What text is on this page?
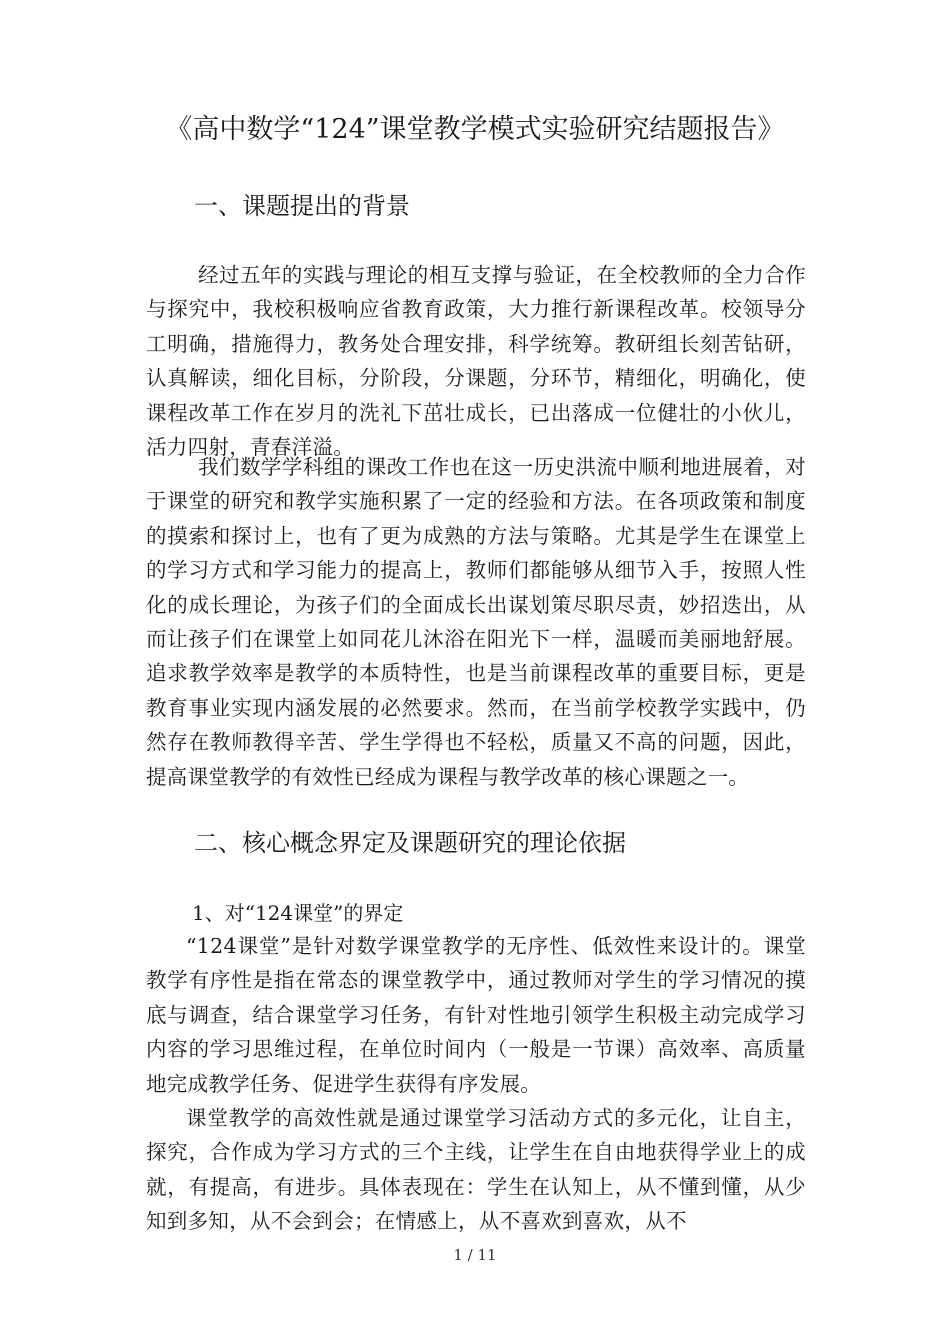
《高中数学“124”课堂教学模式实验研究结题报告》
一、课题提出的背景

经过五年的实践与理论的相互支撑与验证，在全校教师的全力合作与探究中，我校积极响应省教育政策，大力推行新课程改革。校领导分工明确，措施得力，教务处合理安排，科学统筹。教研组长刻苦钻研，认真解读，细化目标，分阶段，分课题，分环节，精细化，明确化，使课程改革工作在岁月的洗礼下茁壮成长，已出落成一位健壮的小伙儿，活力四射，青春洋溢。

我们数学学科组的课改工作也在这一历史洪流中顺利地进展着，对于课堂的研究和教学实施积累了一定的经验和方法。在各项政策和制度的摸索和探讨上，也有了更为成熟的方法与策略。尤其是学生在课堂上的学习方式和学习能力的提高上，教师们都能够从细节入手，按照人性化的成长理论，为孩子们的全面成长出谋划策尽职尽责，妙招迭出，从而让孩子们在课堂上如同花儿沐浴在阳光下一样，温暖而美丽地舒展。追求教学效率是教学的本质特性，也是当前课程改革的重要目标，更是教育事业实现内涵发展的必然要求。然而，在当前学校教学实践中，仍然存在教师教得辛苦、学生学得也不轻松，质量又不高的问题，因此，提高课堂教学的有效性已经成为课程与教学改革的核心课题之一。

二、核心概念界定及课题研究的理论依据
1、对“124课堂”的界定

“124课堂”是针对数学课堂教学的无序性、低效性来设计的。课堂教学有序性是指在常态的课堂教学中，通过教师对学生的学习情况的摸底与调查，结合课堂学习任务，有针对性地引领学生积极主动完成学习内容的学习思维过程，在单位时间内（一般是一节课）高效率、高质量地完成教学任务、促进学生获得有序发展。

课堂教学的高效性就是通过课堂学习活动方式的多元化，让自主，探究，合作成为学习方式的三个主线，让学生在自由地获得学业上的成就，有提高，有进步。具体表现在：学生在认知上，从不懂到懂，从少知到多知，从不会到会；在情感上，从不喜欢到喜欢，从不

1 / 11
